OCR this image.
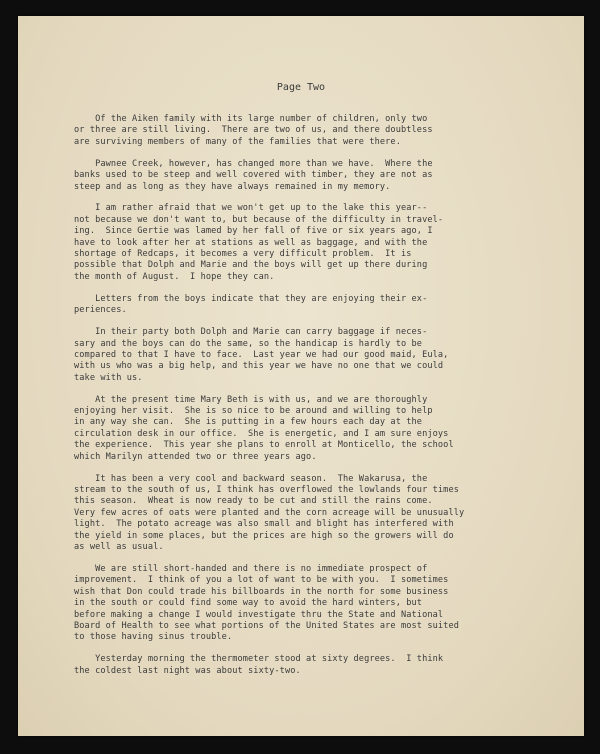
Page Two
Of the Aiken family with its large number of children, only two
or three are still living.  There are two of us, and there doubtless
are surviving members of many of the families that were there.
Pawnee Creek, however, has changed more than we have.  Where the
banks used to be steep and well covered with timber, they are not as
steep and as long as they have always remained in my memory.
I am rather afraid that we won't get up to the lake this year--
not because we don't want to, but because of the difficulty in travel-
ing.  Since Gertie was lamed by her fall of five or six years ago, I
have to look after her at stations as well as baggage, and with the
shortage of Redcaps, it becomes a very difficult problem.  It is
possible that Dolph and Marie and the boys will get up there during
the month of August.  I hope they can.
Letters from the boys indicate that they are enjoying their ex-
periences.
In their party both Dolph and Marie can carry baggage if neces-
sary and the boys can do the same, so the handicap is hardly to be
compared to that I have to face.  Last year we had our good maid, Eula,
with us who was a big help, and this year we have no one that we could
take with us.
At the present time Mary Beth is with us, and we are thoroughly
enjoying her visit.  She is so nice to be around and willing to help
in any way she can.  She is putting in a few hours each day at the
circulation desk in our office.  She is energetic, and I am sure enjoys
the experience.  This year she plans to enroll at Monticello, the school
which Marilyn attended two or three years ago.
It has been a very cool and backward season.  The Wakarusa, the
stream to the south of us, I think has overflowed the lowlands four times
this season.  Wheat is now ready to be cut and still the rains come.
Very few acres of oats were planted and the corn acreage will be unusually
light.  The potato acreage was also small and blight has interfered with
the yield in some places, but the prices are high so the growers will do
as well as usual.
We are still short-handed and there is no immediate prospect of
improvement.  I think of you a lot of want to be with you.  I sometimes
wish that Don could trade his billboards in the north for some business
in the south or could find some way to avoid the hard winters, but
before making a change I would investigate thru the State and National
Board of Health to see what portions of the United States are most suited
to those having sinus trouble.
Yesterday morning the thermometer stood at sixty degrees.  I think
the coldest last night was about sixty-two.
